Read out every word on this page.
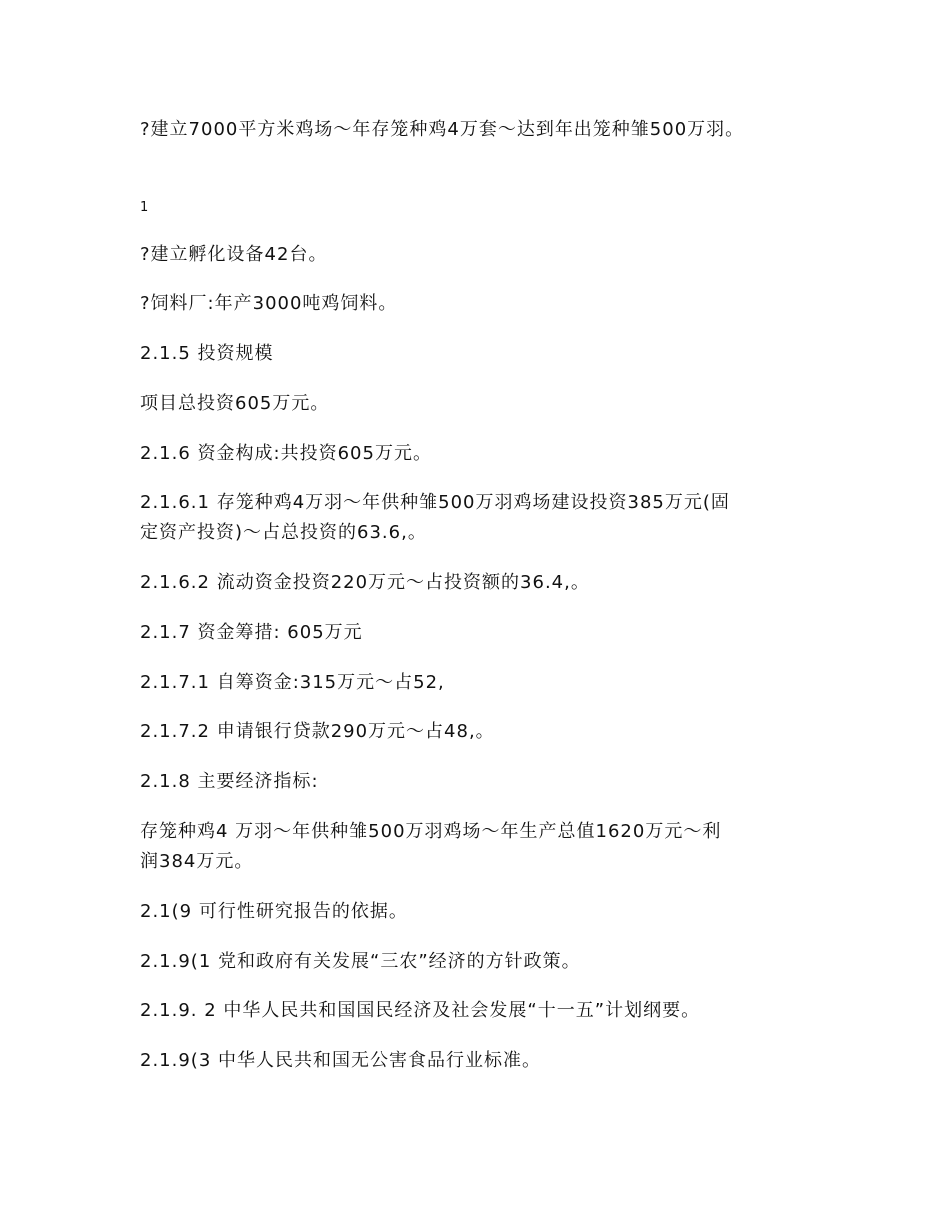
?建立7000平方米鸡场～年存笼种鸡4万套～达到年出笼种雏500万羽。
1
?建立孵化设备42台。
?饲料厂:年产3000吨鸡饲料。
2.1.5 投资规模
项目总投资605万元。
2.1.6 资金构成:共投资605万元。
2.1.6.1 存笼种鸡4万羽～年供种雏500万羽鸡场建设投资385万元(固
定资产投资)～占总投资的63.6,。
2.1.6.2 流动资金投资220万元～占投资额的36.4,。
2.1.7 资金筹措: 605万元
2.1.7.1 自筹资金:315万元～占52,
2.1.7.2 申请银行贷款290万元～占48,。
2.1.8 主要经济指标:
存笼种鸡4 万羽～年供种雏500万羽鸡场～年生产总值1620万元～利
润384万元。
2.1(9 可行性研究报告的依据。
2.1.9(1 党和政府有关发展“三农”经济的方针政策。
2.1.9. 2 中华人民共和国国民经济及社会发展“十一五”计划纲要。
2.1.9(3 中华人民共和国无公害食品行业标准。
